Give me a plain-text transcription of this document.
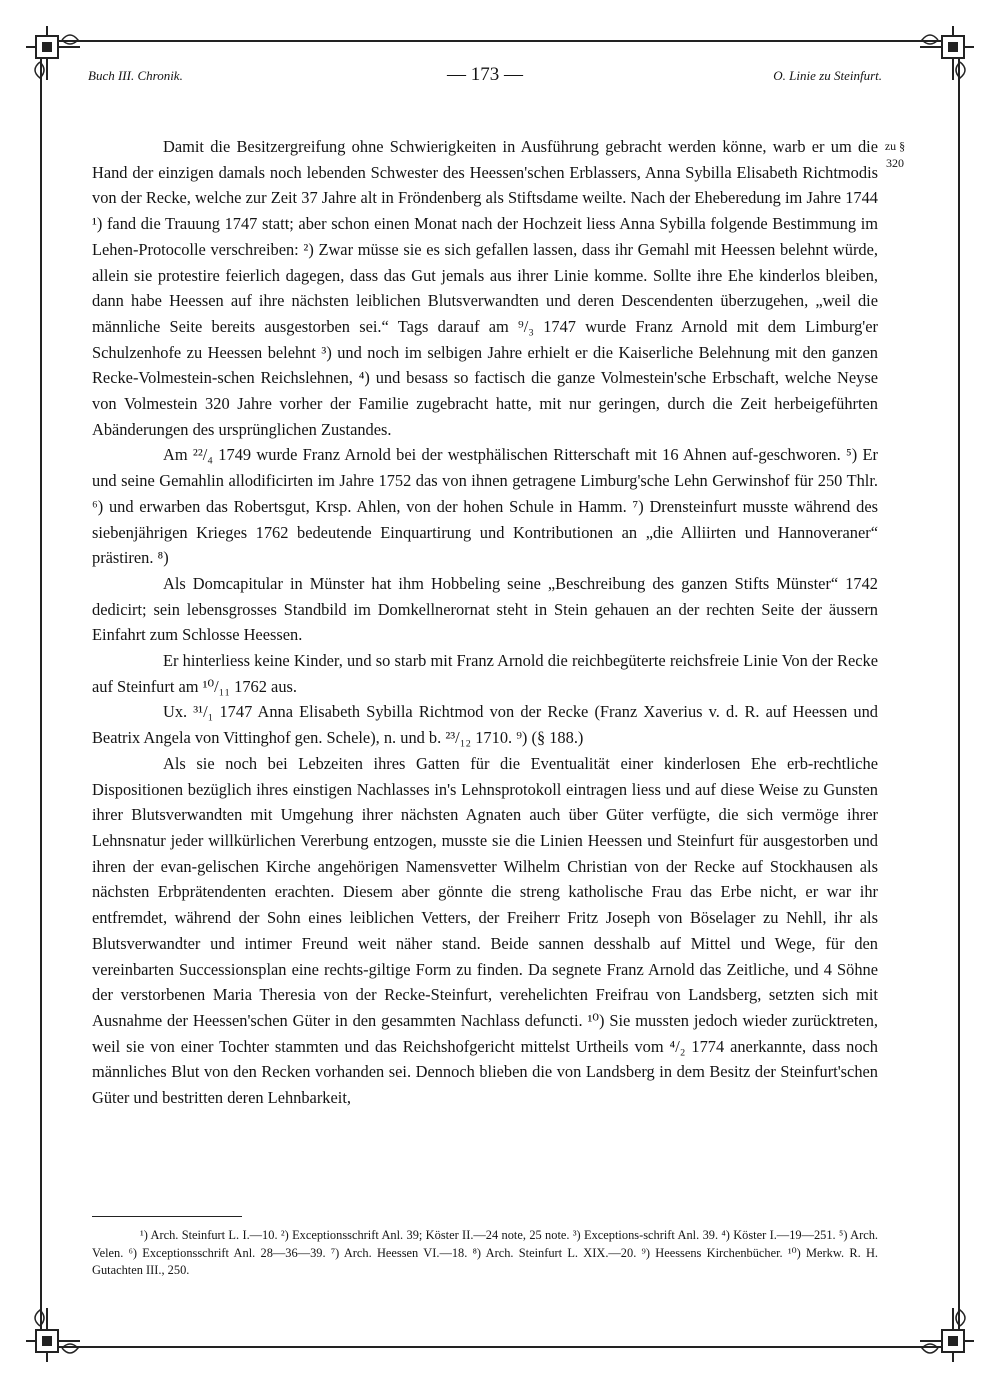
Buch III. Chronik.	— 173 —	O. Linie zu Steinfurt.
zu § 320

Damit die Besitzergreifung ohne Schwierigkeiten in Ausführung gebracht werden könne, warb er um die Hand der einzigen damals noch lebenden Schwester des Heessen'schen Erblassers, Anna Sybilla Elisabeth Richtmodis von der Recke, welche zur Zeit 37 Jahre alt in Fröndenberg als Stiftsdame weilte. Nach der Eheberedung im Jahre 1744 ¹) fand die Trauung 1747 statt; aber schon einen Monat nach der Hochzeit liess Anna Sybilla folgende Bestimmung im Lehen-Protocolle verschreiben: ²) Zwar müsse sie es sich gefallen lassen, dass ihr Gemahl mit Heessen belehnt würde, allein sie protestire feierlich dagegen, dass das Gut jemals aus ihrer Linie komme. Sollte ihre Ehe kinderlos bleiben, dann habe Heessen auf ihre nächsten leiblichen Blutsverwandten und deren Descendenten überzugehen, „weil die männliche Seite bereits ausgestorben sei.“ Tags darauf am ⁹/₃ 1747 wurde Franz Arnold mit dem Limburg'er Schulzenhofe zu Heessen belehnt ³) und noch im selbigen Jahre erhielt er die Kaiserliche Belehnung mit den ganzen Recke-Volmestein-schen Reichslehnen, ⁴) und besass so factisch die ganze Volmestein'sche Erbschaft, welche Neyse von Volmestein 320 Jahre vorher der Familie zugebracht hatte, mit nur geringen, durch die Zeit herbeigeführten Abänderungen des ursprünglichen Zustandes.

Am ²²/₄ 1749 wurde Franz Arnold bei der westphälischen Ritterschaft mit 16 Ahnen auf-geschworen. ⁵) Er und seine Gemahlin allodificirten im Jahre 1752 das von ihnen getragene Limburg'sche Lehn Gerwinshof für 250 Thlr. ⁶) und erwarben das Robertsgut, Krsp. Ahlen, von der hohen Schule in Hamm. ⁷) Drensteinfurt musste während des siebenjährigen Krieges 1762 bedeutende Einquartirung und Kontributionen an „die Alliirten und Hannoveraner“ prästiren. ⁸)

Als Domcapitular in Münster hat ihm Hobbeling seine „Beschreibung des ganzen Stifts Münster“ 1742 dedicirt; sein lebensgrosses Standbild im Domkellnerornat steht in Stein gehauen an der rechten Seite der äussern Einfahrt zum Schlosse Heessen.

Er hinterliess keine Kinder, und so starb mit Franz Arnold die reichbegüterte reichsfreie Linie Von der Recke auf Steinfurt am ¹⁰/₁₁ 1762 aus.

Ux. ³¹/₁ 1747 Anna Elisabeth Sybilla Richtmod von der Recke (Franz Xaverius v. d. R. auf Heessen und Beatrix Angela von Vittinghof gen. Schele), n. und b. ²³/₁₂ 1710. ⁹) (§ 188.)

Als sie noch bei Lebzeiten ihres Gatten für die Eventualität einer kinderlosen Ehe erb-rechtliche Dispositionen bezüglich ihres einstigen Nachlasses in's Lehnsprotokoll eintragen liess und auf diese Weise zu Gunsten ihrer Blutsverwandten mit Umgehung ihrer nächsten Agnaten auch über Güter verfügte, die sich vermöge ihrer Lehnsnatur jeder willkürlichen Vererbung entzogen, musste sie die Linien Heessen und Steinfurt für ausgestorben und ihren der evan-gelischen Kirche angehörigen Namensvetter Wilhelm Christian von der Recke auf Stockhausen als nächsten Erbprätendenten erachten. Diesem aber gönnte die streng katholische Frau das Erbe nicht, er war ihr entfremdet, während der Sohn eines leiblichen Vetters, der Freiherr Fritz Joseph von Böselager zu Nehll, ihr als Blutsverwandter und intimer Freund weit näher stand. Beide sannen desshalb auf Mittel und Wege, für den vereinbarten Successionsplan eine rechts-giltige Form zu finden. Da segnete Franz Arnold das Zeitliche, und 4 Söhne der verstorbenen Maria Theresia von der Recke-Steinfurt, verehelichten Freifrau von Landsberg, setzten sich mit Ausnahme der Heessen'schen Güter in den gesammten Nachlass defuncti. ¹⁰) Sie mussten jedoch wieder zurücktreten, weil sie von einer Tochter stammten und das Reichshofgericht mittelst Urtheils vom ⁴/₂ 1774 anerkannte, dass noch männliches Blut von den Recken vorhanden sei. Dennoch blieben die von Landsberg in dem Besitz der Steinfurt'schen Güter und bestritten deren Lehnbarkeit,

¹) Arch. Steinfurt L. I.—10. ²) Exceptionsschrift Anl. 39; Köster II.—24 note, 25 note. ³) Exceptions-schrift Anl. 39. ⁴) Köster I.—19—251. ⁵) Arch. Velen. ⁶) Exceptionsschrift Anl. 28—36—39. ⁷) Arch. Heessen VI.—18. ⁸) Arch. Steinfurt L. XIX.—20. ⁹) Heessens Kirchenbücher. ¹⁰) Merkw. R. H. Gutachten III., 250.
